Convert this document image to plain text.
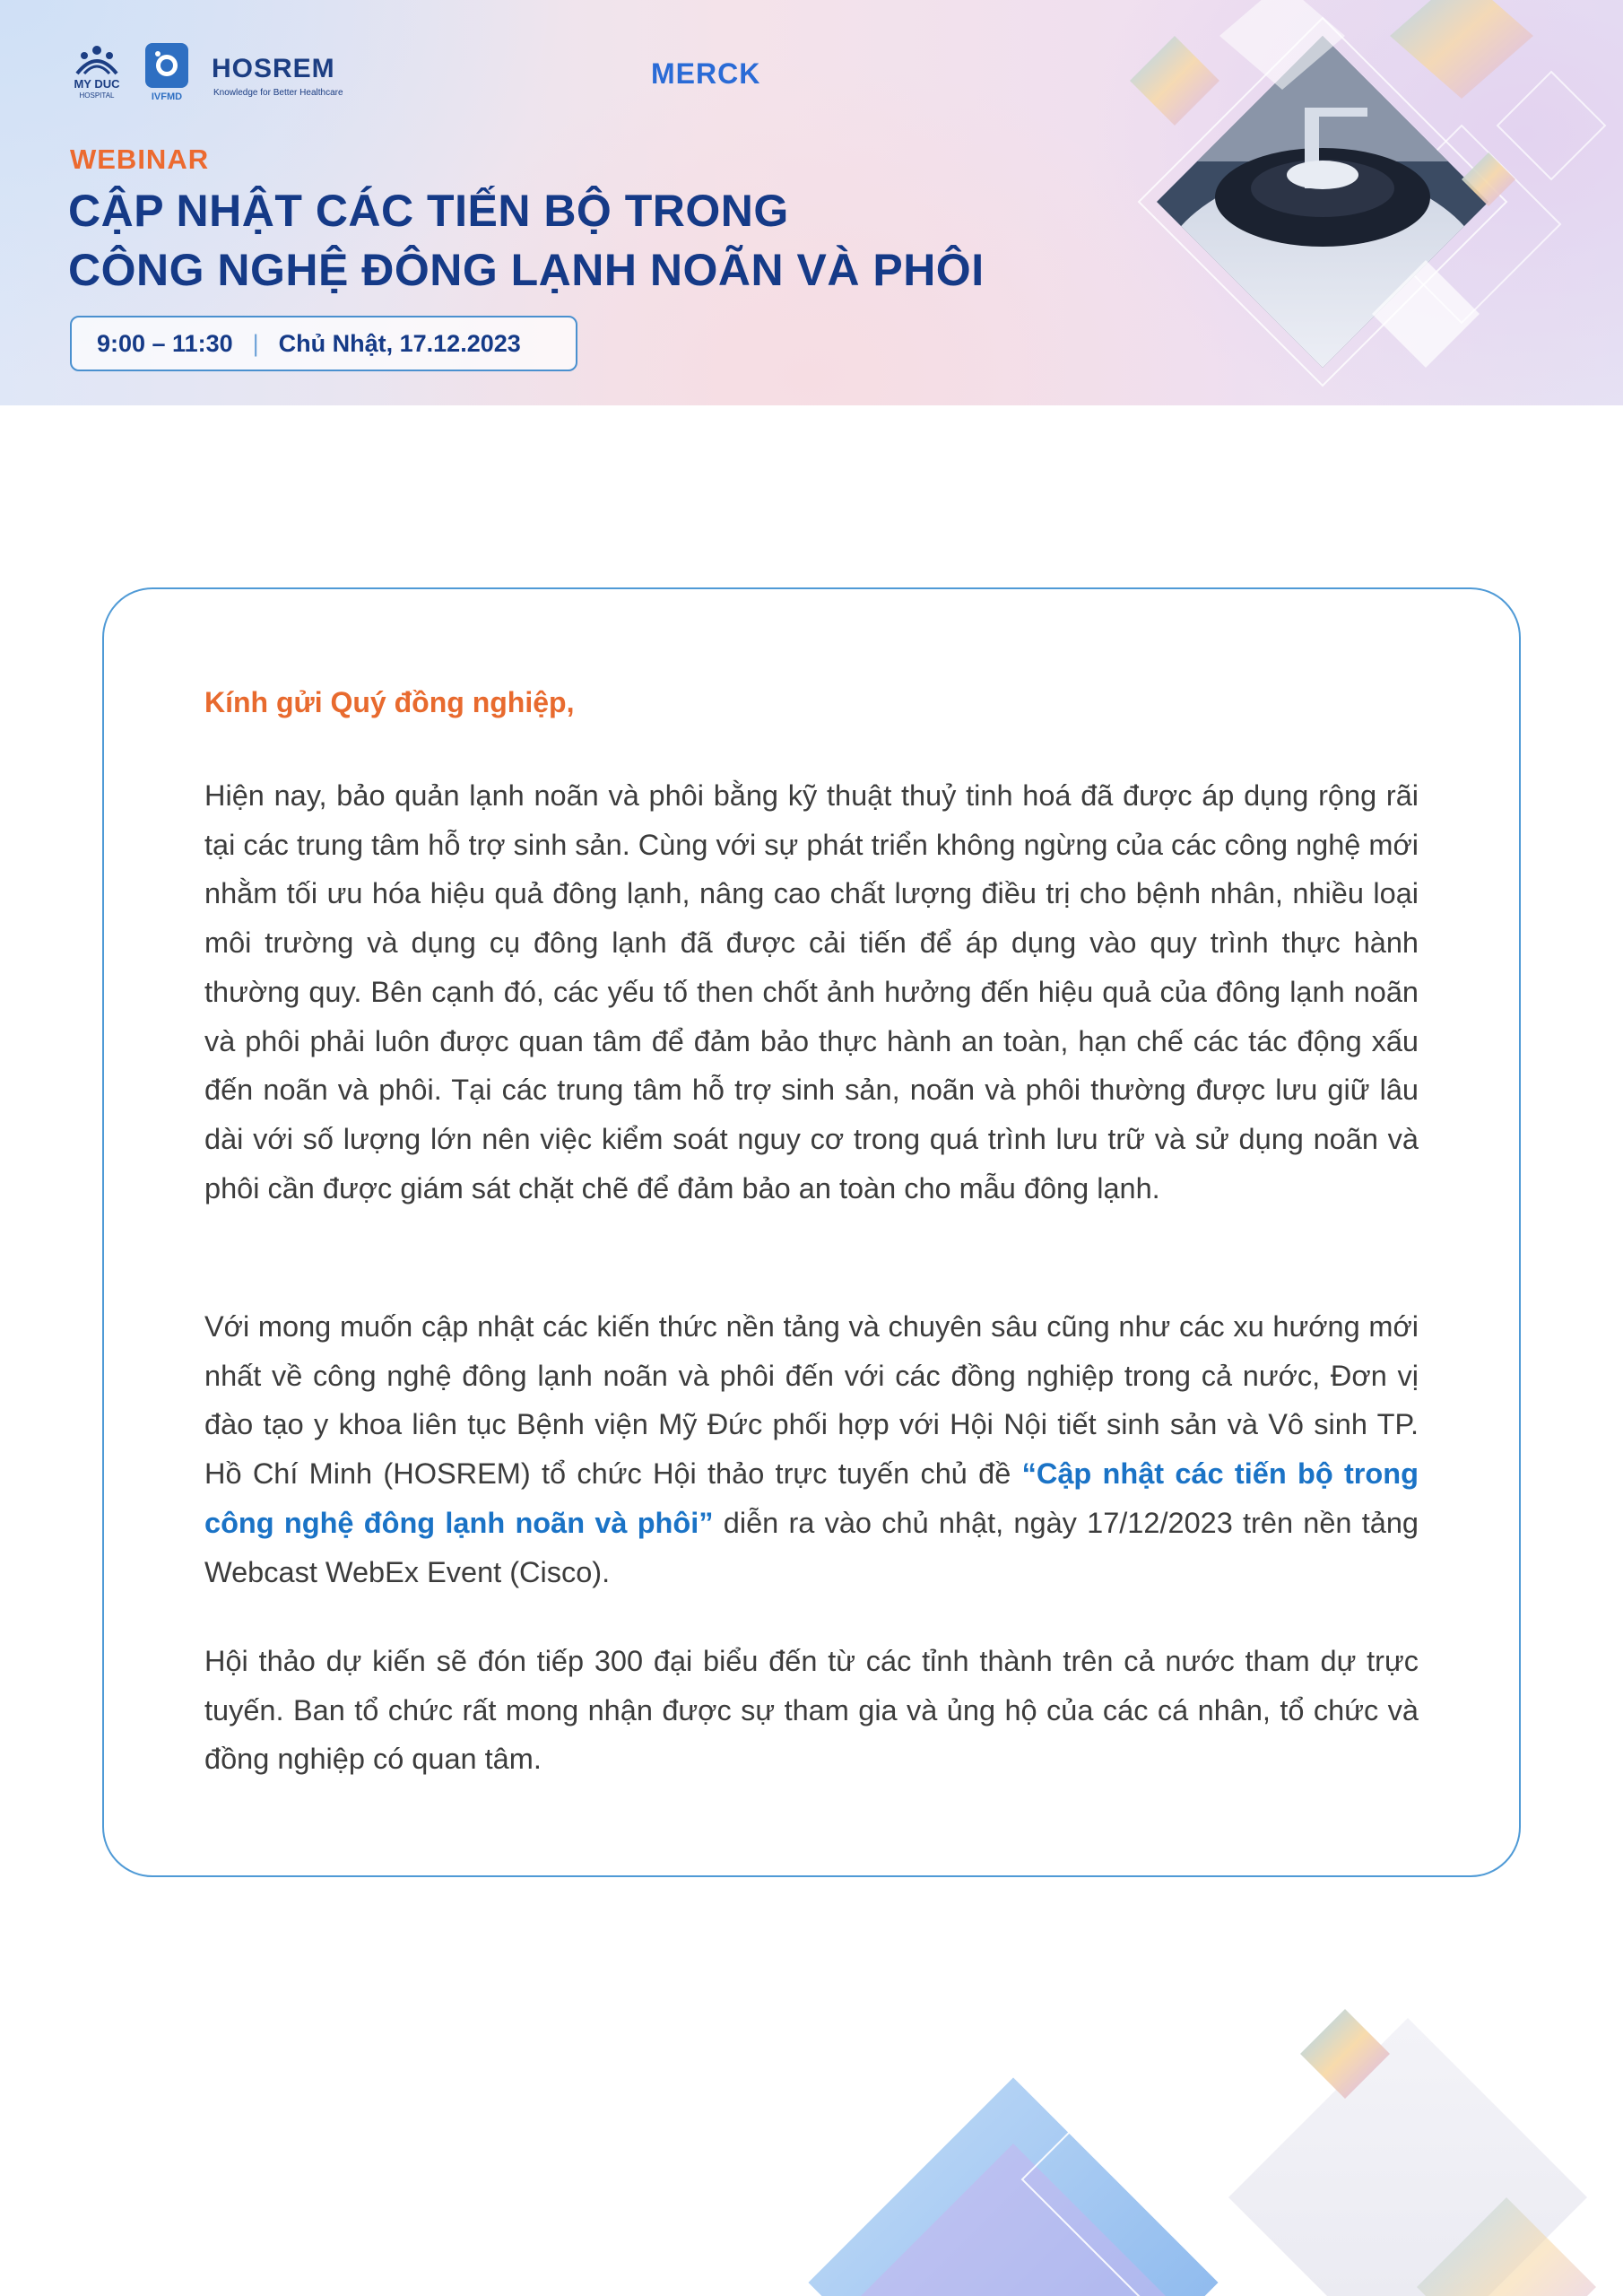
MY DUC
HOSPITAL	IVFMD
HOSREM
Knowledge for Better Healthcare
MERCK
WEBINAR
CẬP NHẬT CÁC TIẾN BỘ TRONG
CÔNG NGHỆ ĐÔNG LẠNH NOÃN VÀ PHÔI
9:00 – 11:30 | Chủ Nhật, 17.12.2023
Kính gửi Quý đồng nghiệp,

Hiện nay, bảo quản lạnh noãn và phôi bằng kỹ thuật thuỷ tinh hoá đã được áp dụng rộng rãi tại các trung tâm hỗ trợ sinh sản. Cùng với sự phát triển không ngừng của các công nghệ mới nhằm tối ưu hóa hiệu quả đông lạnh, nâng cao chất lượng điều trị cho bệnh nhân, nhiều loại môi trường và dụng cụ đông lạnh đã được cải tiến để áp dụng vào quy trình thực hành thường quy. Bên cạnh đó, các yếu tố then chốt ảnh hưởng đến hiệu quả của đông lạnh noãn và phôi phải luôn được quan tâm để đảm bảo thực hành an toàn, hạn chế các tác động xấu đến noãn và phôi. Tại các trung tâm hỗ trợ sinh sản, noãn và phôi thường được lưu giữ lâu dài với số lượng lớn nên việc kiểm soát nguy cơ trong quá trình lưu trữ và sử dụng noãn và phôi cần được giám sát chặt chẽ để đảm bảo an toàn cho mẫu đông lạnh.

Với mong muốn cập nhật các kiến thức nền tảng và chuyên sâu cũng như các xu hướng mới nhất về công nghệ đông lạnh noãn và phôi đến với các đồng nghiệp trong cả nước, Đơn vị đào tạo y khoa liên tục Bệnh viện Mỹ Đức phối hợp với Hội Nội tiết sinh sản và Vô sinh TP. Hồ Chí Minh (HOSREM) tổ chức Hội thảo trực tuyến chủ đề “Cập nhật các tiến bộ trong công nghệ đông lạnh noãn và phôi” diễn ra vào chủ nhật, ngày 17/12/2023 trên nền tảng Webcast WebEx Event (Cisco).

Hội thảo dự kiến sẽ đón tiếp 300 đại biểu đến từ các tỉnh thành trên cả nước tham dự trực tuyến. Ban tổ chức rất mong nhận được sự tham gia và ủng hộ của các cá nhân, tổ chức và đồng nghiệp có quan tâm.
